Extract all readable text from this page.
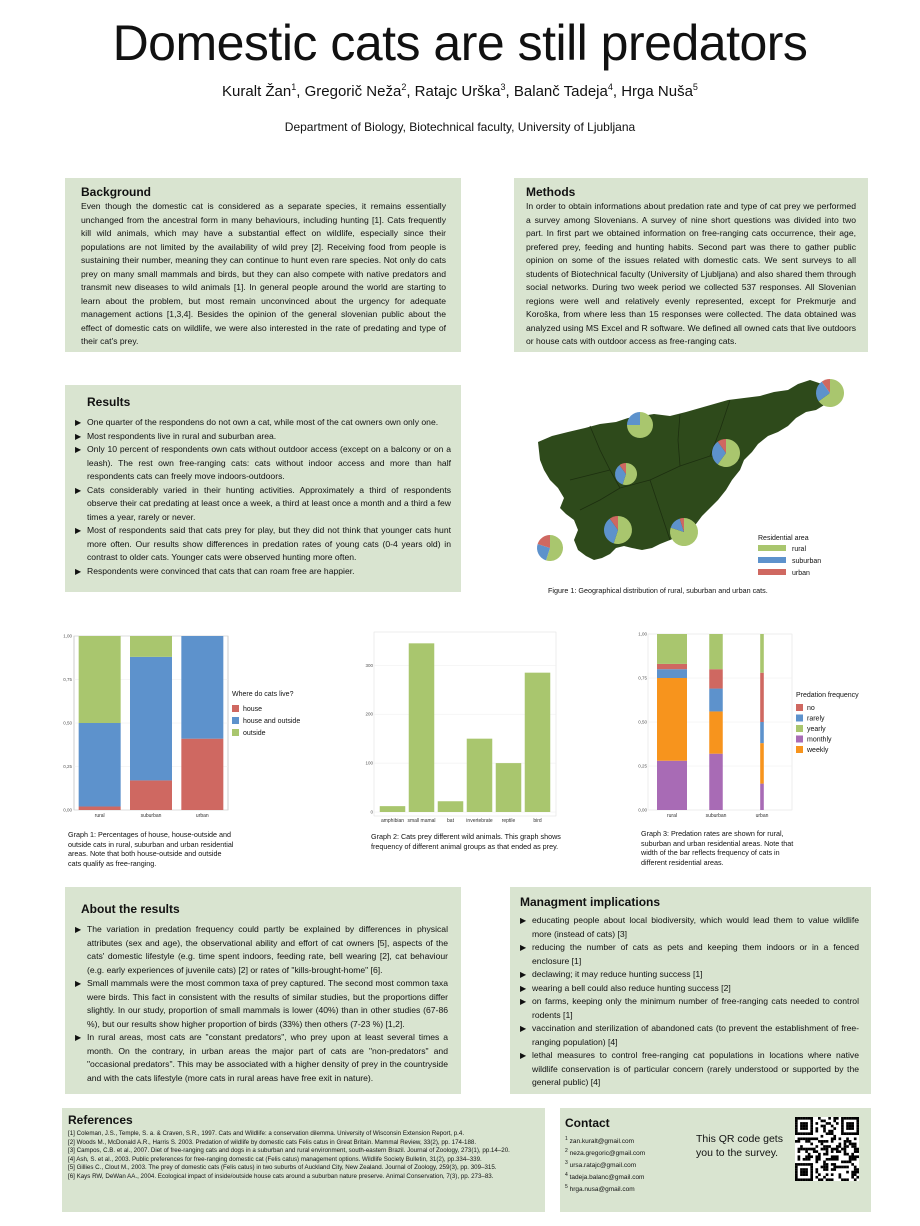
Domestic cats are still predators
Kuralt Žan$^1$, Gregorič Neža$^2$, Ratajc Urška$^3$, Balanč Tadeja$^4$, Hrga Nuša$^5$
Department of Biology, Biotechnical faculty, University of Ljubljana
Background

Even though the domestic cat is considered as a separate species, it remains essentially unchanged from the ancestral form in many behaviours, including hunting [1]. Cats frequently kill wild animals, which may have a substantial effect on wildlife, especially since their populations are not limited by the availability of wild prey [2]. Receiving food from people is sustaining their number, meaning they can continue to hunt even rare species. Not only do cats prey on many small mammals and birds, but they can also compete with native predators and transmit new diseases to wild animals [1]. In general people around the world are starting to learn about the problem, but most remain unconvinced about the urgency for adequate management actions [1,3,4]. Besides the opinion of the general slovenian public about the effect of domestic cats on wildlife, we were also interested in the rate of predating and type of their cat's prey.

Methods

In order to obtain informations about predation rate and type of cat prey we performed a survey among Slovenians. A survey of nine short questions was divided into two part. In first part we obtained information on free-ranging cats occurrence, their age, prefered prey, feeding and hunting habits. Second part was there to gather public opinion on some of the issues related with domestic cats. We sent surveys to all students of Biotechnical faculty (University of Ljubljana) and also shared them through social networks. During two week period we collected 537 responses. All Slovenian regions were well and relatively evenly represented, except for Prekmurje and Koroška, from where less than 15 responses were collected. The data obtained was analyzed using MS Excel and R software. We defined all owned cats that live outdoors or house cats with outdoor access as free-ranging cats.

Results
▶ One quarter of the respondens do not own a cat, while most of the cat owners own only one.
▶ Most respondents live in rural and suburban area.
▶ Only 10 percent of respondents own cats without outdoor access (except on a balcony or on a leash). The rest own free-ranging cats: cats without indoor access and more than half respondents cats can freely move indoors-outdoors.
▶ Cats considerably varied in their hunting activities. Approximately a third of respondents observe their cat predating at least once a week, a third at least once a month and a third a few times a year, rarely or never.
▶ Most of respondents said that cats prey for play, but they did not think that younger cats hunt more often. Our results show differences in predation rates of young cats (0-4 years old) in contrast to older cats. Younger cats were observed hunting more often.
▶ Respondents were convinced that cats that can roam free are happier.
Residential area
rural
suburban
urban
Figure 1: Geographical distribution of rural, suburban and urban cats.
0,00
0,25
0,50
0,75
1,00
rural	suburban	urban
Where do cats live?
house
house and outside
outside
Graph 1: Percentages of house, house-outside and outside cats in rural, suburban and urban residential areas. Note that both house-outside and outside cats qualify as free-ranging.
0
100
200
300
amphibian small mamal bat invertebrate reptile	bird
Graph 2: Cats prey different wild animals. This graph shows frequency of different animal groups as that ended as prey.
0,00
0,25
0,50
0,75
1,00
rural	suburban	urban
Predation frequency
no
rarely
yearly
monthly
weekly
Graph 3: Predation rates are shown for rural, suburban and urban residential areas. Note that width of the bar reflects frequency of cats in different residential areas.
About the results
▶ The variation in predation frequency could partly be explained by differences in physical attributes (sex and age), the observational ability and effort of cat owners [5], aspects of the cats' domestic lifestyle (e.g. time spent indoors, feeding rate, bell wearing [2], cat behaviour (e.g. early experiences of juvenile cats) [2] or rates of "kills-brought-home" [6].
▶ Small mammals were the most common taxa of prey captured. The second most common taxa were birds. This fact in consistent with the results of similar studies, but the proportions differ slightly. In our study, proportion of small mammals is lower (40%) than in other studies (67-86 %), but our results show higher proportion of birds (33%) then others (7-23 %) [1,2].
▶ In rural areas, most cats are "constant predators", who prey upon at least several times a month. On the contrary, in urban areas the major part of cats are "non-predators" and "occasional predators". This may be associated with a higher density of prey in the countryside and with the cats lifestyle (more cats in rural areas have free exit in nature).
Managment implications
▶ educating people about local biodiversity, which would lead them to value wildlife more (instead of cats) [3]
▶ reducing the number of cats as pets and keeping them indoors or in a fenced enclosure [1]
▶ declawing; it may reduce hunting success [1]
▶ wearing a bell could also reduce hunting success [2]
▶ on farms, keeping only the minimum number of free-ranging cats needed to control rodents [1]
▶ vaccination and sterilization of abandoned cats (to prevent the establishment of free-ranging population) [4]
▶ lethal measures to control free-ranging cat populations in locations where native wildlife conservation is of particular concern (rarely understood or supported by the general public) [4]
References
[1] Coleman, J.S., Temple, S. a. & Craven, S.R., 1997. Cats and Wildlife: a conservation dilemma. University of Wisconsin Extension Report, p.4.
[2] Woods M., McDonald A.R., Harris S. 2003. Predation of wildlife by domestic cats Felis catus in Great Britain. Mammal Review, 33(2), pp. 174-188.
[3] Campos, C.B. et al., 2007. Diet of free-ranging cats and dogs in a suburban and rural environment, south-eastern Brazil. Journal of Zoology, 273(1), pp.14–20.
[4] Ash, S. et al., 2003. Public preferences for free-ranging domestic cat (Felis catus) management options. Wildlife Society Bulletin, 31(2), pp.334–339.
[5] Gillies C., Clout M., 2003. The prey of domestic cats (Felis catus) in two suburbs of Auckland City, New Zealand. Journal of Zoology, 259(3), pp. 309–315.
[6] Kays RW, DeWan AA., 2004. Ecological impact of inside/outside house cats around a suburban nature preserve. Animal Conservation, 7(3), pp. 273–83.
Contact
$^1$ zan.kuralt@gmail.com
$^2$ neza.gregoric@gmail.com
$^3$ ursa.ratajc@gmail.com
$^4$ tadeja.balanc@gmail.com
$^5$ hrga.nusa@gmail.com
This QR code gets you to the survey.
